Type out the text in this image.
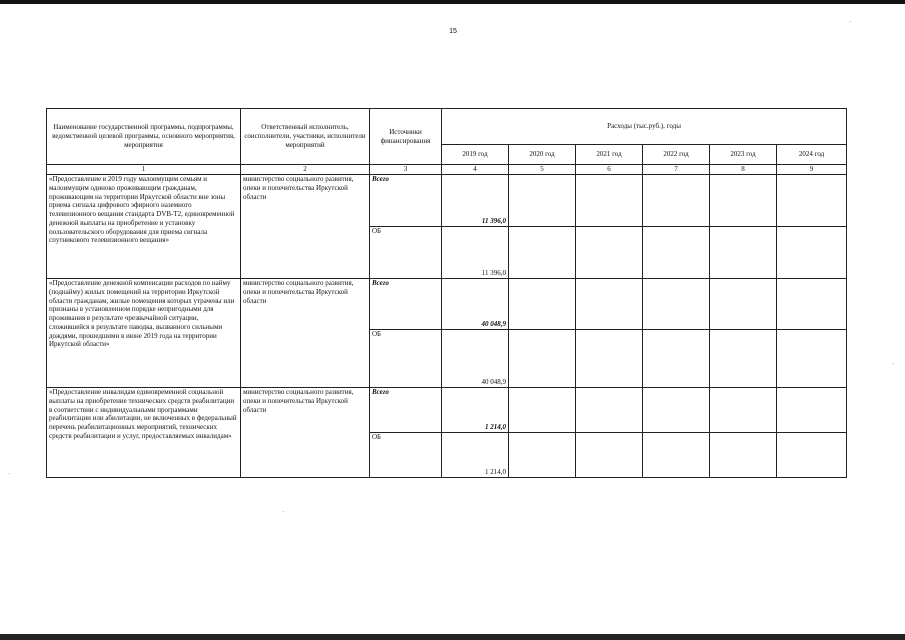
15
Наименование государственной программы, подпрограммы, ведомственной целевой программы, основного мероприятия, мероприятия	Ответственный исполнитель, соисполнители, участники, исполнители мероприятий	Источники финансирования	Расходы (тыс.руб.), годы					
			2019 год	2020 год	2021 год	2022 год	2023 год	2024 год
1	2	3	4	5	6	7	8	9
«Предоставление в 2019 году малоимущим семьям и малоимущим одиноко проживающим гражданам, проживающим на территории Иркутской области вне зоны приема сигнала цифрового эфирного наземного телевизионного вещания стандарта DVB-T2, единовременной денежной выплаты на приобретение и установку пользовательского оборудования для приема сигнала спутникового телевизионного вещания»	министерство социального развития, опеки и попечительства Иркутской области	Всего	11 396,0					
		ОБ	11 396,0					
«Предоставление денежной компенсации расходов по найму (поднайму) жилых помещений на территории Иркутской области гражданам, жилые помещения которых утрачены или признаны в установленном порядке непригодными для проживания в результате чрезвычайной ситуации, сложившейся в результате паводка, вызванного сильными дождями, прошедшими в июне 2019 года на территории Иркутской области»	министерство социального развития, опеки и попечительства Иркутской области	Всего	40 048,9					
		ОБ	40 048,9					
«Предоставление инвалидам единовременной социальной выплаты на приобретение технических средств реабилитации в соответствии с индивидуальными программами реабилитации или абилитации, не включенных в федеральный перечень реабилитационных мероприятий, технических средств реабилитации и услуг, предоставляемых инвалидам»	министерство социального развития, опеки и попечительства Иркутской области	Всего	1 214,0					
		ОБ	1 214,0					
·
·
·
·
